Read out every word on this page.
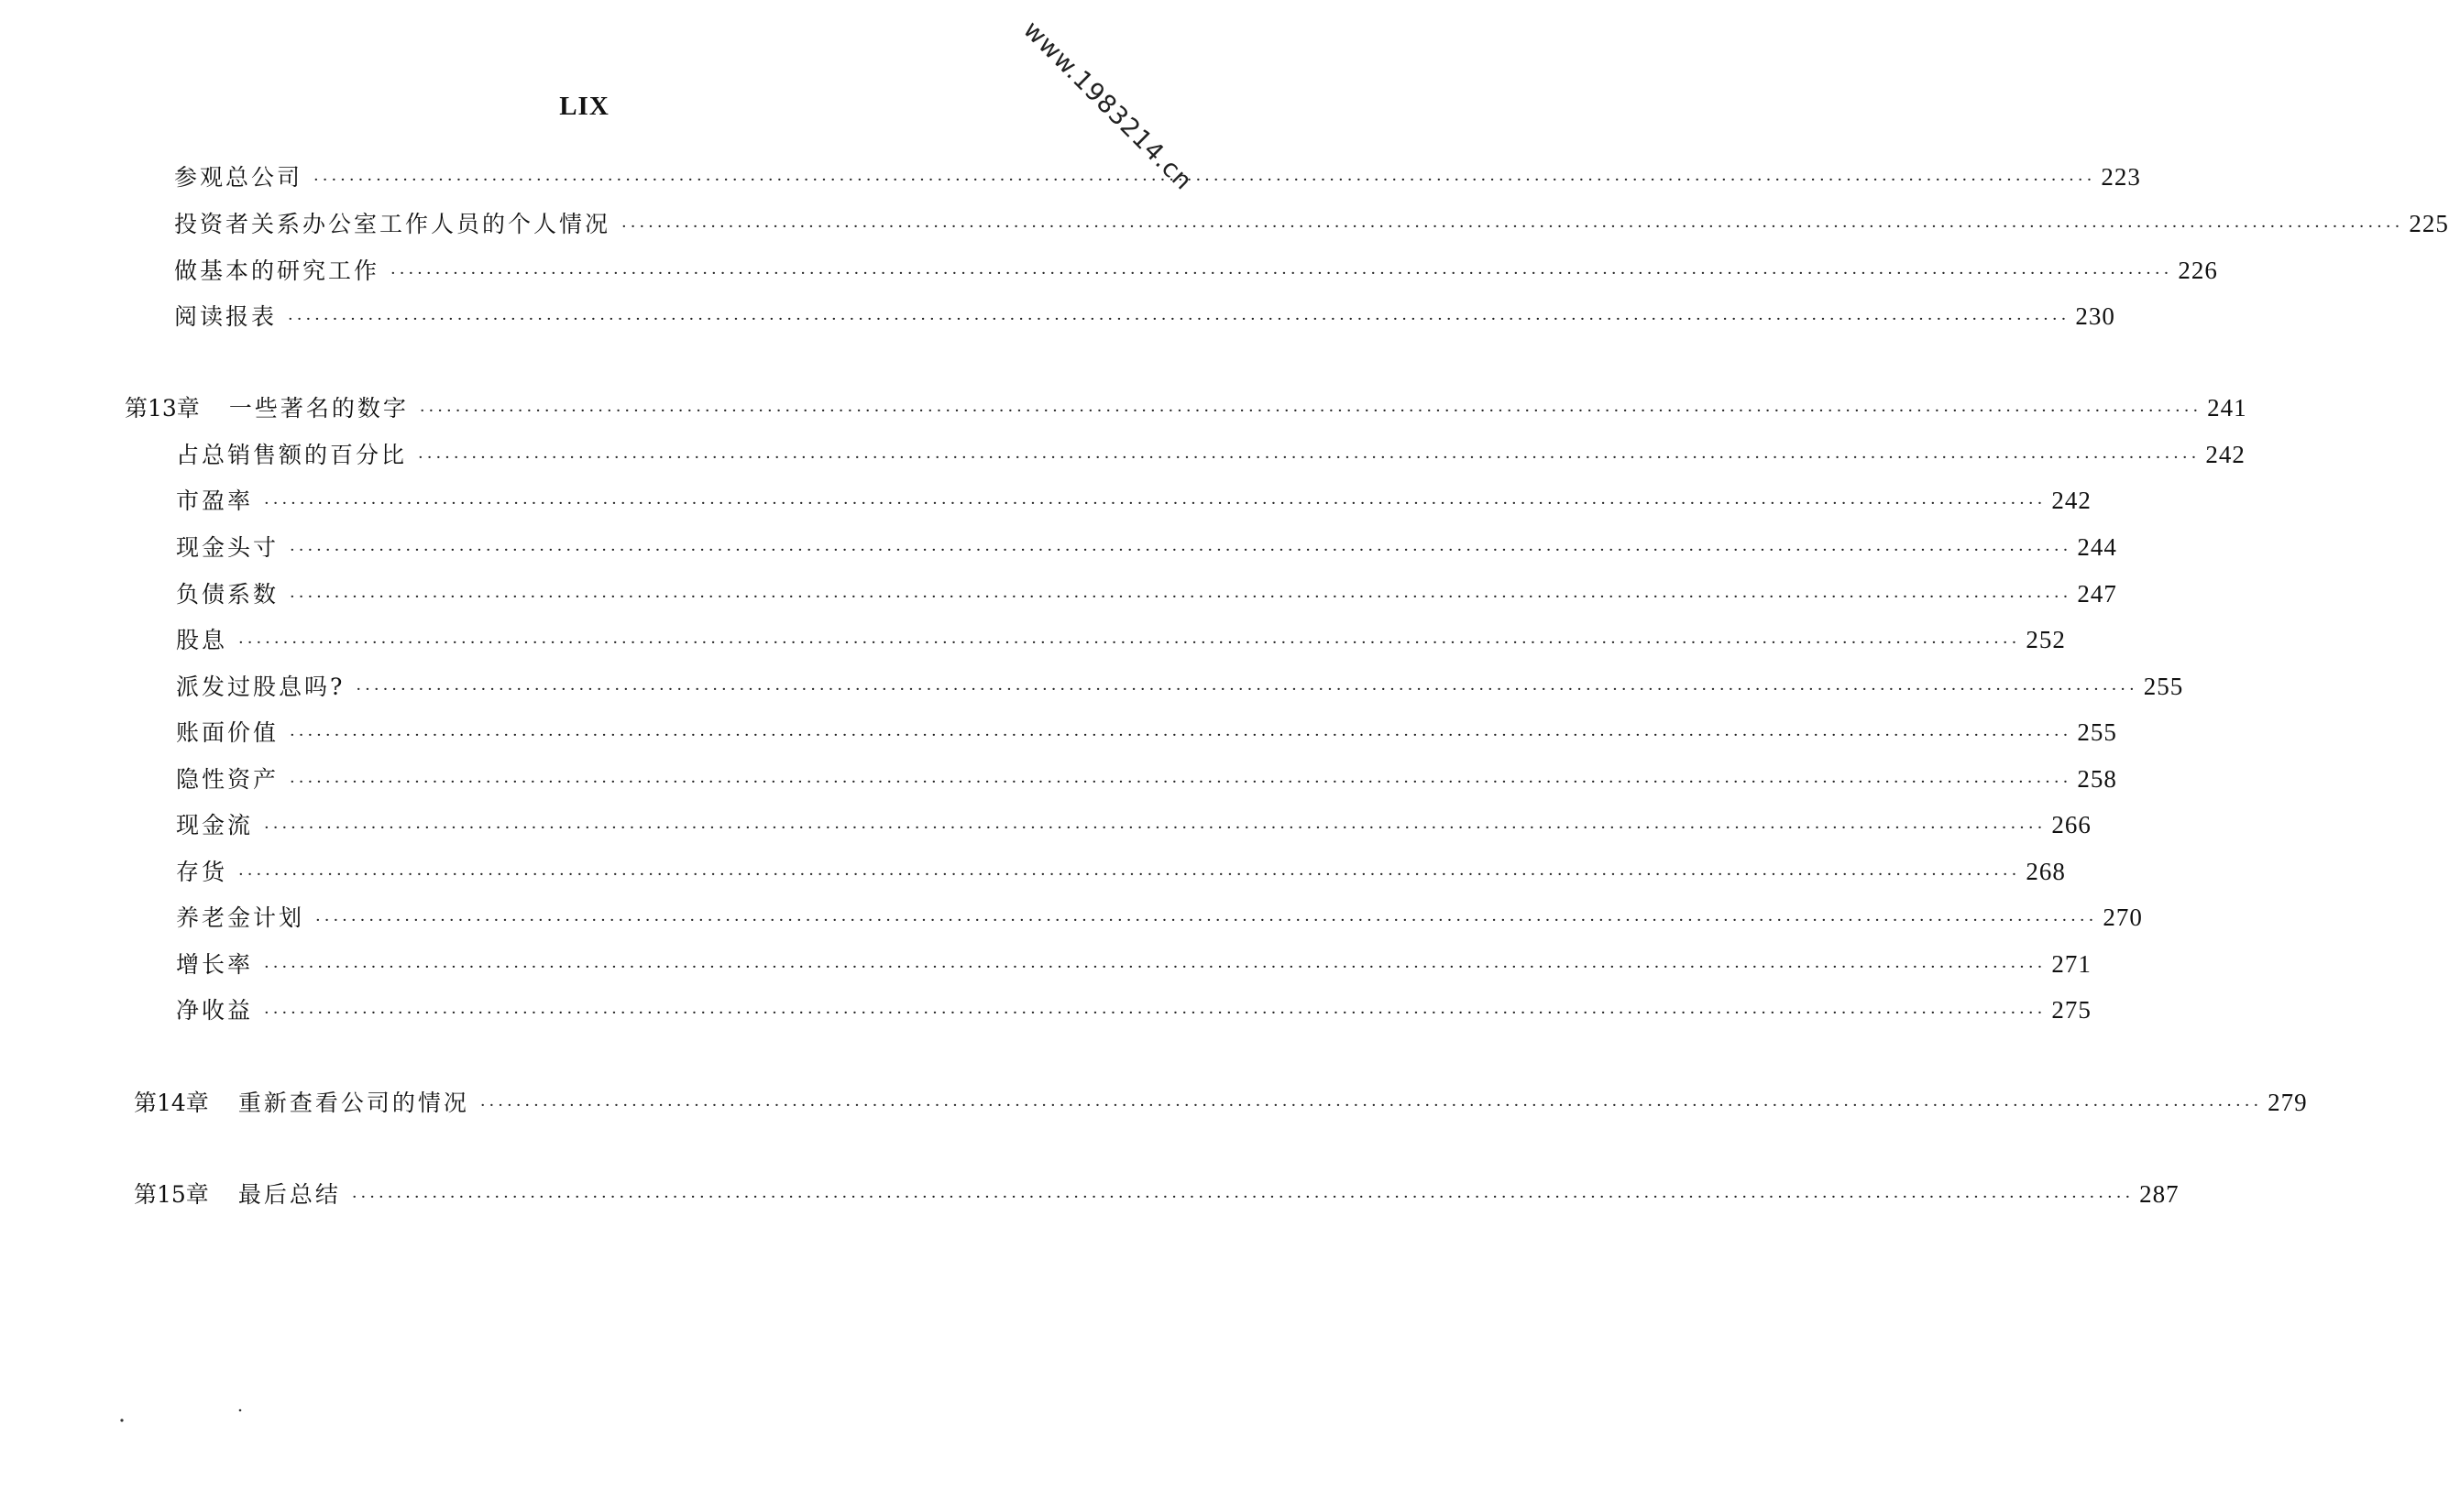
www.1983214.cn
LIX
参观总公司 ········································································································································································································ 223
投资者关系办公室工作人员的个人情况 ········································································································································································································ 225
做基本的研究工作 ········································································································································································································ 226
阅读报表 ········································································································································································································ 230
第13章 一些著名的数字 ········································································································································································································ 241
占总销售额的百分比 ········································································································································································································ 242
市盈率 ········································································································································································································ 242
现金头寸 ········································································································································································································ 244
负债系数 ········································································································································································································ 247
股息 ········································································································································································································ 252
派发过股息吗? ········································································································································································································ 255
账面价值 ········································································································································································································ 255
隐性资产 ········································································································································································································ 258
现金流 ········································································································································································································ 266
存货 ········································································································································································································ 268
养老金计划 ········································································································································································································ 270
增长率 ········································································································································································································ 271
净收益 ········································································································································································································ 275
第14章 重新查看公司的情况 ········································································································································································································ 279
第15章 最后总结 ········································································································································································································ 287
